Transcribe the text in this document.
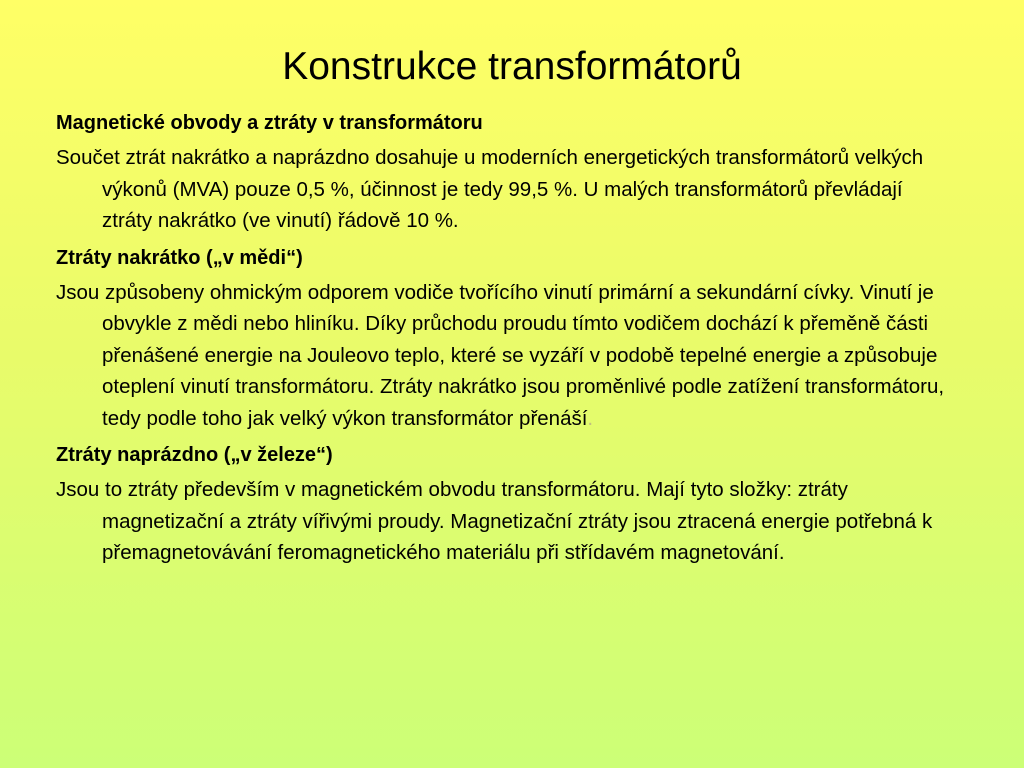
Konstrukce transformátorů
Magnetické obvody a ztráty v transformátoru
Součet ztrát nakrátko a naprázdno dosahuje u moderních energetických transformátorů velkých výkonů (MVA) pouze 0,5 %, účinnost je tedy 99,5 %. U malých transformátorů převládají ztráty nakrátko (ve vinutí) řádově 10 %.
Ztráty nakrátko („v mědi“)
Jsou způsobeny ohmickým odporem vodiče tvořícího vinutí primární a sekundární cívky. Vinutí je obvykle z mědi nebo hliníku. Díky průchodu proudu tímto vodičem dochází k přeměně části přenášené energie na Jouleovo teplo, které se vyzáří v podobě tepelné energie a způsobuje oteplení vinutí transformátoru. Ztráty nakrátko jsou proměnlivé podle zatížení transformátoru, tedy podle toho jak velký výkon transformátor přenáší.
Ztráty naprázdno („v železe“)
Jsou to ztráty především v magnetickém obvodu transformátoru. Mají tyto složky: ztráty magnetizační a ztráty vířivými proudy. Magnetizační ztráty jsou ztracená energie potřebná k přemagnetovávání feromagnetického materiálu při střídavém magnetování.
